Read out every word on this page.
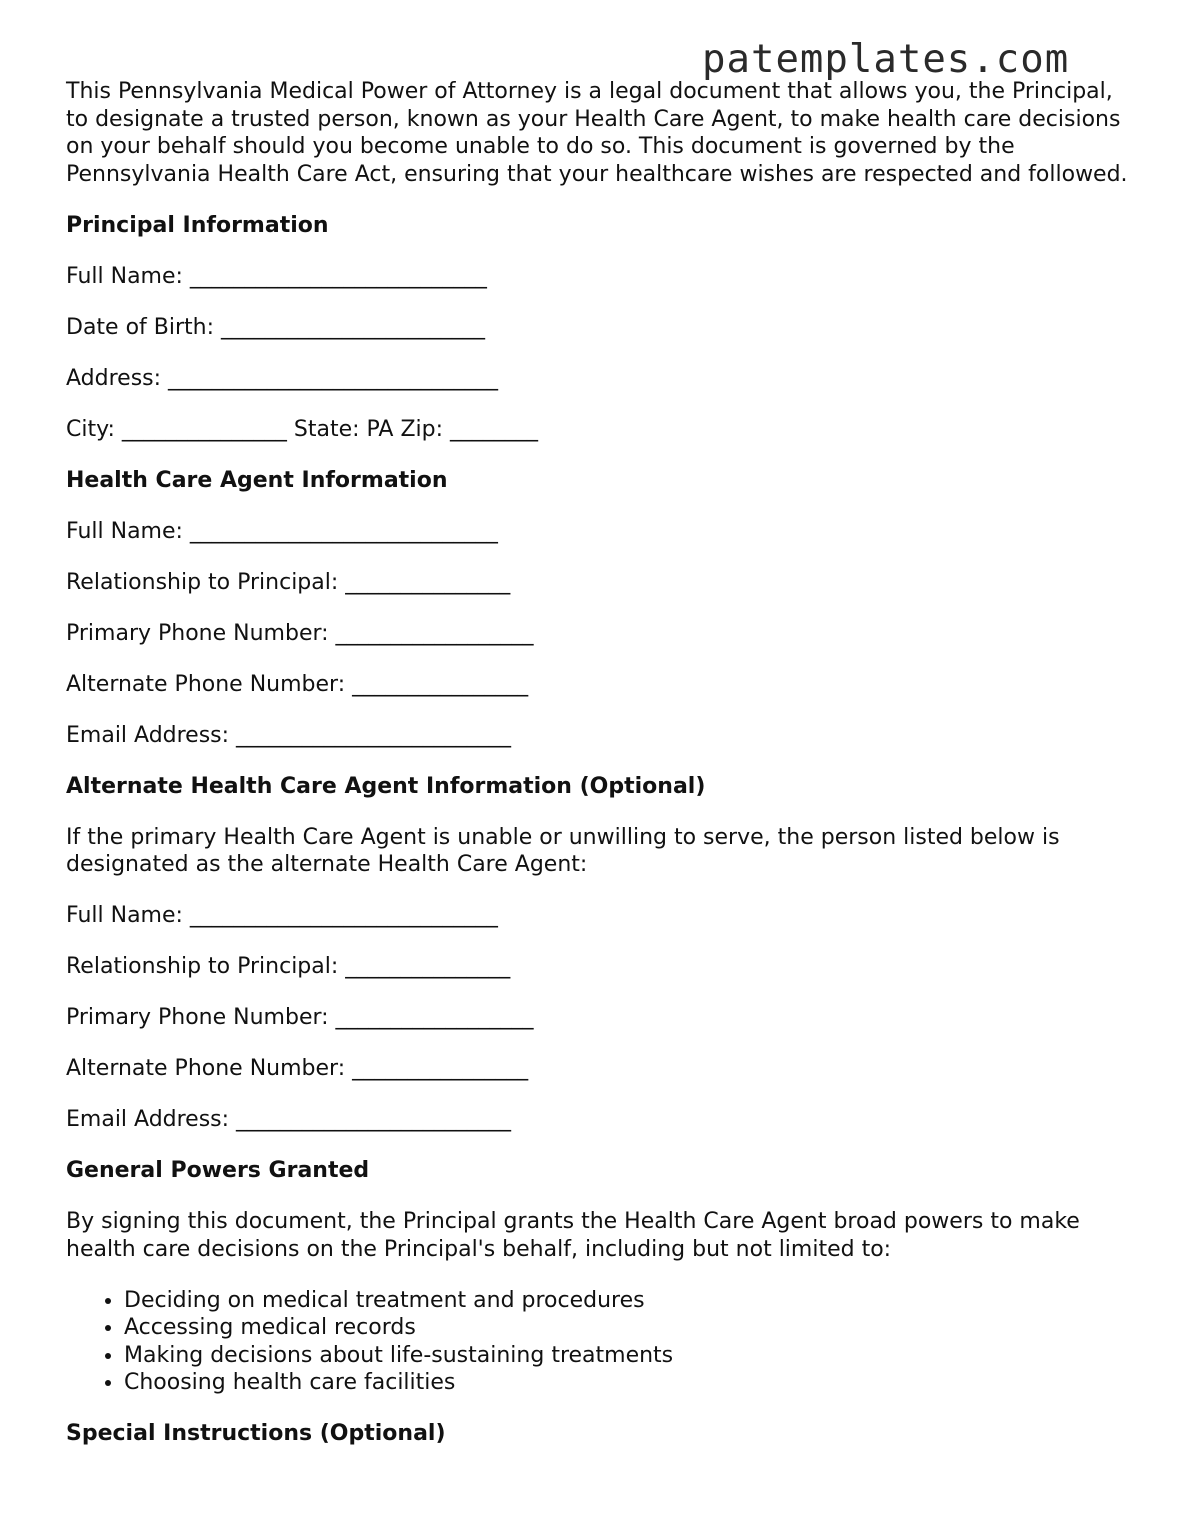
patemplates.com

This Pennsylvania Medical Power of Attorney is a legal document that allows you, the Principal, to designate a trusted person, known as your Health Care Agent, to make health care decisions on your behalf should you become unable to do so. This document is governed by the Pennsylvania Health Care Act, ensuring that your healthcare wishes are respected and followed.

Principal Information

Full Name: ___________________________

Date of Birth: ________________________

Address: ______________________________

City: _______________ State: PA Zip: ________

Health Care Agent Information

Full Name: ____________________________

Relationship to Principal: _______________

Primary Phone Number: __________________

Alternate Phone Number: ________________

Email Address: _________________________

Alternate Health Care Agent Information (Optional)

If the primary Health Care Agent is unable or unwilling to serve, the person listed below is designated as the alternate Health Care Agent:

Full Name: ____________________________

Relationship to Principal: _______________

Primary Phone Number: __________________

Alternate Phone Number: ________________

Email Address: _________________________

General Powers Granted

By signing this document, the Principal grants the Health Care Agent broad powers to make health care decisions on the Principal's behalf, including but not limited to:

• Deciding on medical treatment and procedures
• Accessing medical records
• Making decisions about life-sustaining treatments
• Choosing health care facilities
Special Instructions (Optional)
